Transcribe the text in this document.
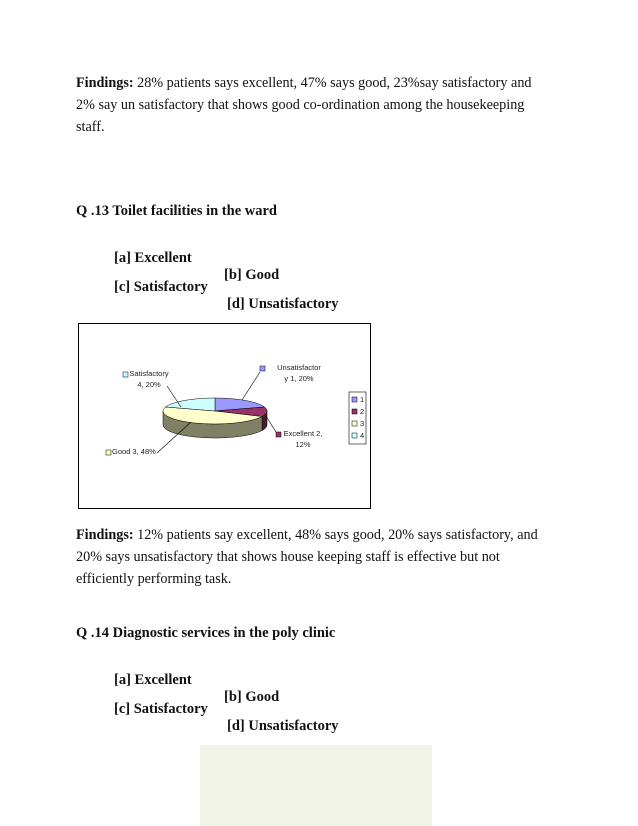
Findings: 28% patients says excellent, 47% says good, 23%say satisfactory and
2% say un satisfactory that shows good co-ordination among the housekeeping
staff.

Q .13 Toilet facilities in the ward

[a] Excellent

[b] Good

[c] Satisfactory

[d] Unsatisfactory

Unsatisfactor
y 1, 20%
Excellent 2,
12%
Good 3, 48%
Satisfactory
4, 20%
1
2
3
4

Findings: 12% patients say excellent, 48% says good, 20% says satisfactory, and
20% says unsatisfactory that shows house keeping staff is effective but not
efficiently performing task.

Q .14 Diagnostic services in the poly clinic

[a] Excellent

[b] Good

[c] Satisfactory

[d] Unsatisfactory
